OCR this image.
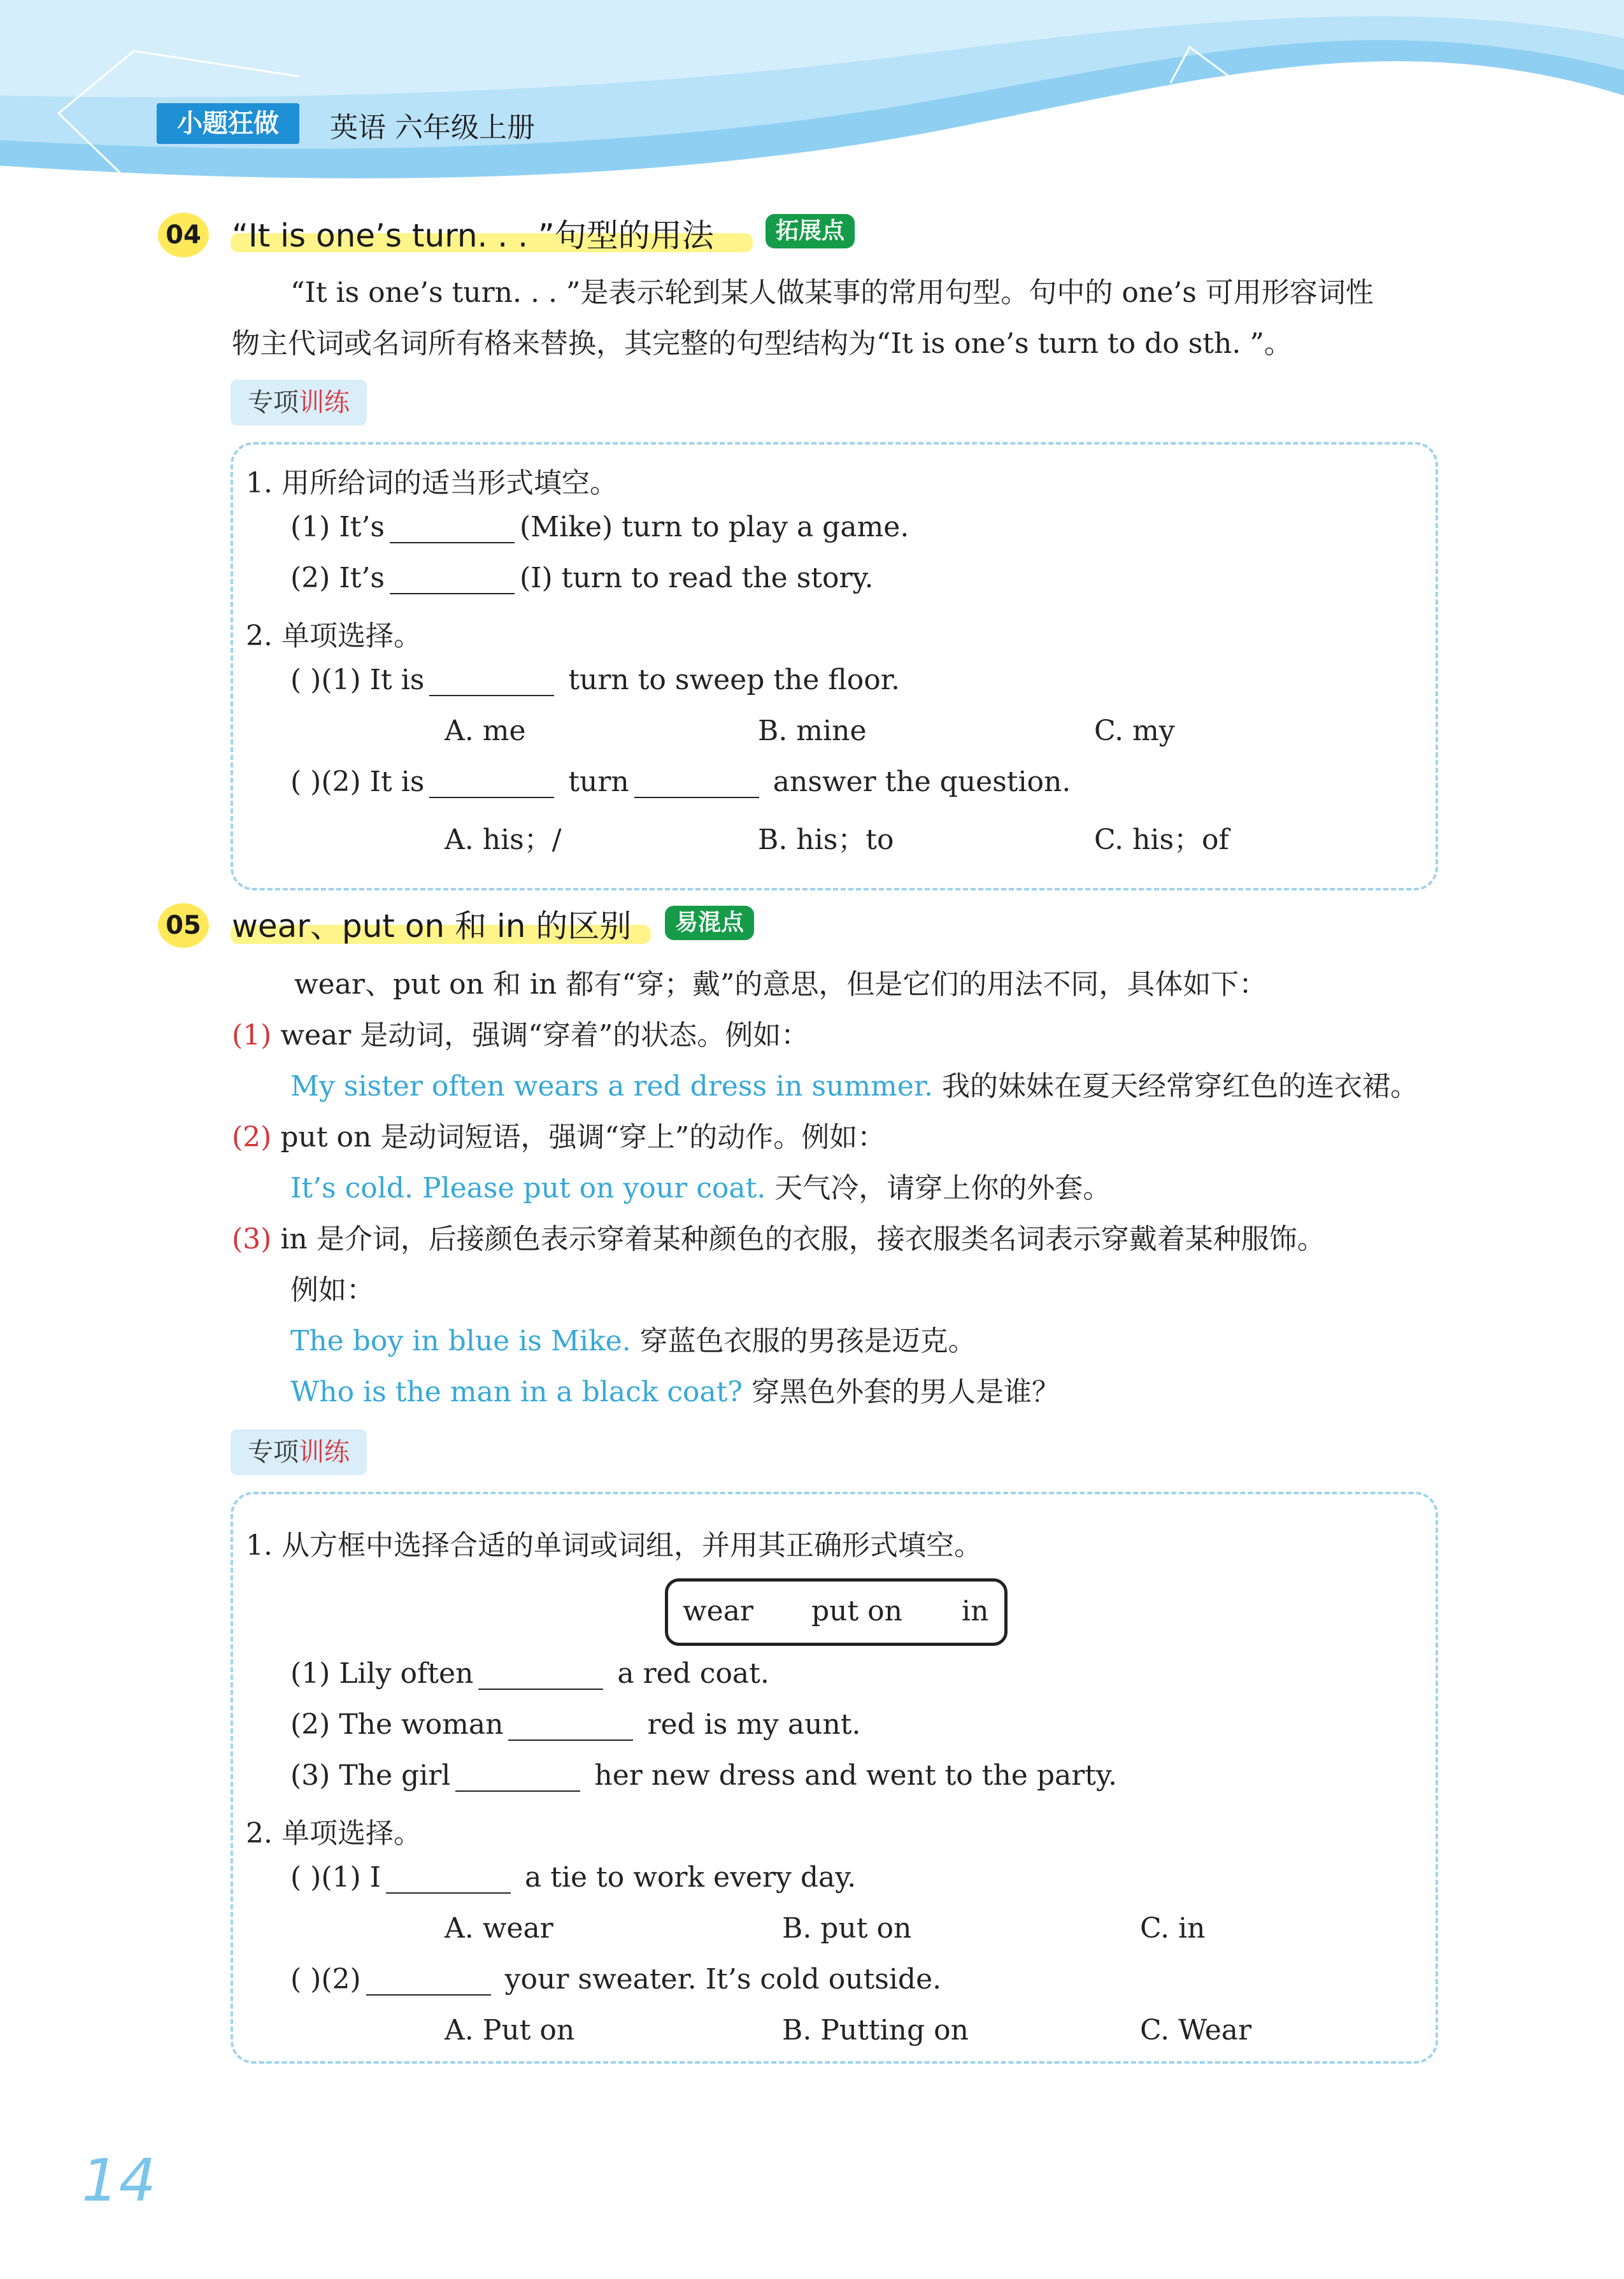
小题狂做	英语 六年级上册
04 “It is one’s turn. . . ”句型的用法	拓展点
“It is one’s turn. . . ”是表示轮到某人做某事的常用句型。句中的 one’s 可用形容词性
物主代词或名词所有格来替换，其完整的句型结构为“It is one’s turn to do sth. ”。
专项训练
1. 用所给词的适当形式填空。
(1) It’s	(Mike) turn to play a game.
(2) It’s	(I) turn to read the story.
2. 单项选择。
( )(1) It is	turn to sweep the floor.
A. me	B. mine	C. my
( )(2) It is	turn	answer the question.
A. his；/	B. his；to	C. his；of
05 wear、put on 和 in 的区别	易混点
wear、put on 和 in 都有“穿；戴”的意思，但是它们的用法不同，具体如下：
(1) wear 是动词，强调“穿着”的状态。例如：
My sister often wears a red dress in summer. 我的妹妹在夏天经常穿红色的连衣裙。
(2) put on 是动词短语，强调“穿上”的动作。例如：
It’s cold. Please put on your coat. 天气冷，请穿上你的外套。
(3) in 是介词，后接颜色表示穿着某种颜色的衣服，接衣服类名词表示穿戴着某种服饰。
例如：
The boy in blue is Mike. 穿蓝色衣服的男孩是迈克。
Who is the man in a black coat? 穿黑色外套的男人是谁？
专项训练
1. 从方框中选择合适的单词或词组，并用其正确形式填空。
wear put on in
(1) Lily often	a red coat.
(2) The woman	red is my aunt.
(3) The girl	her new dress and went to the party.
2. 单项选择。
( )(1) I	a tie to work every day.
A. wear	B. put on	C. in
( )(2)	your sweater. It’s cold outside.
A. Put on	B. Putting on	C. Wear
14
